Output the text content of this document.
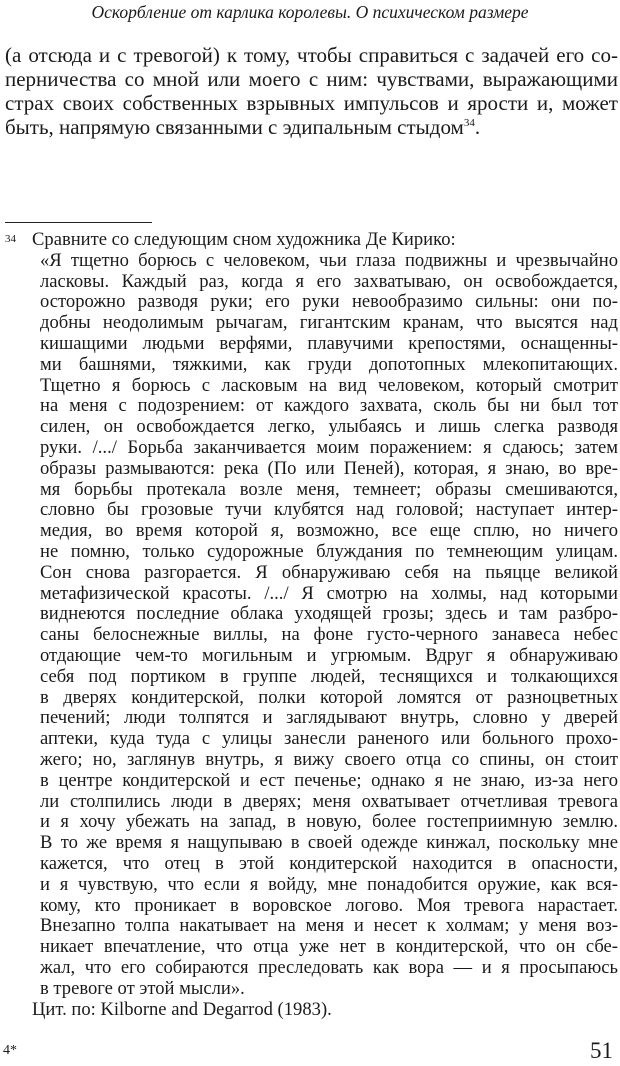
Оскорбление от карлика королевы. О психическом размере
(а отсюда и с тревогой) к тому, чтобы справиться с задачей его со-
перничества со мной или моего с ним: чувствами, выражающими
страх своих собственных взрывных импульсов и ярости и, может
быть, напрямую связанными с эдипальным стыдом$^{34}$.
34 Сравните со следующим сном художника Де Кирико:
«Я тщетно борюсь с человеком, чьи глаза подвижны и чрезвычайно
ласковы. Каждый раз, когда я его захватываю, он освобождается,
осторожно разводя руки; его руки невообразимо сильны: они по-
добны неодолимым рычагам, гигантским кранам, что высятся над
кишащими людьми верфями, плавучими крепостями, оснащенны-
ми башнями, тяжкими, как груди допотопных млекопитающих.
Тщетно я борюсь с ласковым на вид человеком, который смотрит
на меня с подозрением: от каждого захвата, сколь бы ни был тот
силен, он освобождается легко, улыбаясь и лишь слегка разводя
руки. /.../ Борьба заканчивается моим поражением: я сдаюсь; затем
образы размываются: река (По или Пеней), которая, я знаю, во вре-
мя борьбы протекала возле меня, темнеет; образы смешиваются,
словно бы грозовые тучи клубятся над головой; наступает интер-
медия, во время которой я, возможно, все еще сплю, но ничего
не помню, только судорожные блуждания по темнеющим улицам.
Сон снова разгорается. Я обнаруживаю себя на пьяцце великой
метафизической красоты. /.../ Я смотрю на холмы, над которыми
виднеются последние облака уходящей грозы; здесь и там разбро-
саны белоснежные виллы, на фоне густо-черного занавеса небес
отдающие чем-то могильным и угрюмым. Вдруг я обнаруживаю
себя под портиком в группе людей, теснящихся и толкающихся
в дверях кондитерской, полки которой ломятся от разноцветных
печений; люди толпятся и заглядывают внутрь, словно у дверей
аптеки, куда туда с улицы занесли раненого или больного прохо-
жего; но, заглянув внутрь, я вижу своего отца со спины, он стоит
в центре кондитерской и ест печенье; однако я не знаю, из-за него
ли столпились люди в дверях; меня охватывает отчетливая тревога
и я хочу убежать на запад, в новую, более гостеприимную землю.
В то же время я нащупываю в своей одежде кинжал, поскольку мне
кажется, что отец в этой кондитерской находится в опасности,
и я чувствую, что если я войду, мне понадобится оружие, как вся-
кому, кто проникает в воровское логово. Моя тревога нарастает.
Внезапно толпа накатывает на меня и несет к холмам; у меня воз-
никает впечатление, что отца уже нет в кондитерской, что он сбе-
жал, что его собираются преследовать как вора — и я просыпаюсь
в тревоге от этой мысли».
Цит. по: Kilborne and Degarrod (1983).
4*	51
